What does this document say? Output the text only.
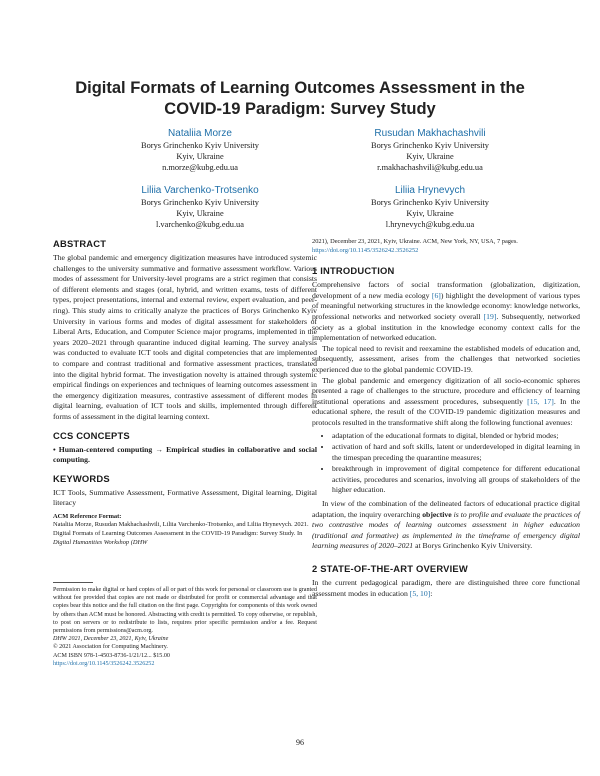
Digital Formats of Learning Outcomes Assessment in the
COVID-19 Paradigm: Survey Study
Nataliia Morze
Borys Grinchenko Kyiv University
Kyiv, Ukraine
n.morze@kubg.edu.ua
Rusudan Makhachashvili
Borys Grinchenko Kyiv University
Kyiv, Ukraine
r.makhachashvili@kubg.edu.ua
Liliia Varchenko-Trotsenko
Borys Grinchenko Kyiv University
Kyiv, Ukraine
l.varchenko@kubg.edu.ua
Liliia Hrynevych
Borys Grinchenko Kyiv University
Kyiv, Ukraine
l.hrynevych@kubg.edu.ua
ABSTRACT

The global pandemic and emergency digitization measures have introduced systemic challenges to the university summative and formative assessment workflow. Various modes of assessment for University-level programs are a strict regimen that consists of different elements and stages (oral, hybrid, and written exams, tests of different types, project presentations, internal and external review, expert evaluation, and peer-ring). This study aims to critically analyze the practices of Borys Grinchenko Kyiv University in various forms and modes of digital assessment for stakeholders of Liberal Arts, Education, and Computer Science major programs, implemented in the years 2020–2021 through quarantine induced digital learning. The survey analysis was conducted to evaluate ICT tools and digital competencies that are implemented to compare and contrast traditional and formative assessment practices, translated into the digital hybrid format. The investigation novelty is attained through systemic empirical findings on experiences and techniques of learning outcomes assessment in the emergency digitization measures, contrastive assessment of different modes in digital learning, evaluation of ICT tools and skills, implemented through different forms of assessment in the digital learning context.

CCS CONCEPTS

• Human-centered computing → Empirical studies in collaborative and social computing.

KEYWORDS

ICT Tools, Summative Assessment, Formative Assessment, Digital learning, Digital literacy

ACM Reference Format:
Nataliia Morze, Rusudan Makhachashvili, Liliia Varchenko-Trotsenko, and Liliia Hrynevych. 2021. Digital Formats of Learning Outcomes Assessment in the COVID-19 Paradigm: Survey Study. In Digital Humanities Workshop (DHW

Permission to make digital or hard copies of all or part of this work for personal or classroom use is granted without fee provided that copies are not made or distributed for profit or commercial advantage and that copies bear this notice and the full citation on the first page. Copyrights for components of this work owned by others than ACM must be honored. Abstracting with credit is permitted. To copy otherwise, or republish, to post on servers or to redistribute to lists, requires prior specific permission and/or a fee. Request permissions from permissions@acm.org.

DHW 2021, December 23, 2021, Kyiv, Ukraine

© 2021 Association for Computing Machinery.

ACM ISBN 978-1-4503-8736-1/21/12... $15.00

https://doi.org/10.1145/3526242.3526252

2021), December 23, 2021, Kyiv, Ukraine. ACM, New York, NY, USA, 7 pages.
https://doi.org/10.1145/3526242.3526252

1 INTRODUCTION

Comprehensive factors of social transformation (globalization, digitization, development of a new media ecology [6]) highlight the development of various types of meaningful networking structures in the knowledge economy: knowledge networks, professional networks and networked society overall [19]. Subsequently, networked society as a global institution in the knowledge economy context calls for the implementation of networked education.

The topical need to revisit and reexamine the established models of education and, subsequently, assessment, arises from the challenges that networked societies experienced due to the global pandemic COVID-19.

The global pandemic and emergency digitization of all socio-economic spheres presented a rage of challenges to the structure, procedure and efficiency of learning institutional operations and assessment procedures, subsequently [15, 17]. In the educational sphere, the result of the COVID-19 pandemic digitization measures and protocols resulted in the transformative shift along the following functional avenues:

• adaptation of the educational formats to digital, blended or hybrid modes;
• activation of hard and soft skills, latent or underdeveloped in digital learning in the timespan preceding the quarantine measures;
• breakthrough in improvement of digital competence for different educational activities, procedures and scenarios, involving all groups of stakeholders of the higher education.

In view of the combination of the delineated factors of educational practice digital adaptation, the inquiry overarching objective is to profile and evaluate the practices of two contrastive modes of learning outcomes assessment in higher education (traditional and formative) as implemented in the timeframe of emergency digital learning measures of 2020–2021 at Borys Grinchenko Kyiv University.

2 STATE-OF-THE-ART OVERVIEW

In the current pedagogical paradigm, there are distinguished three core functional assessment modes in education [5, 10]:

96
